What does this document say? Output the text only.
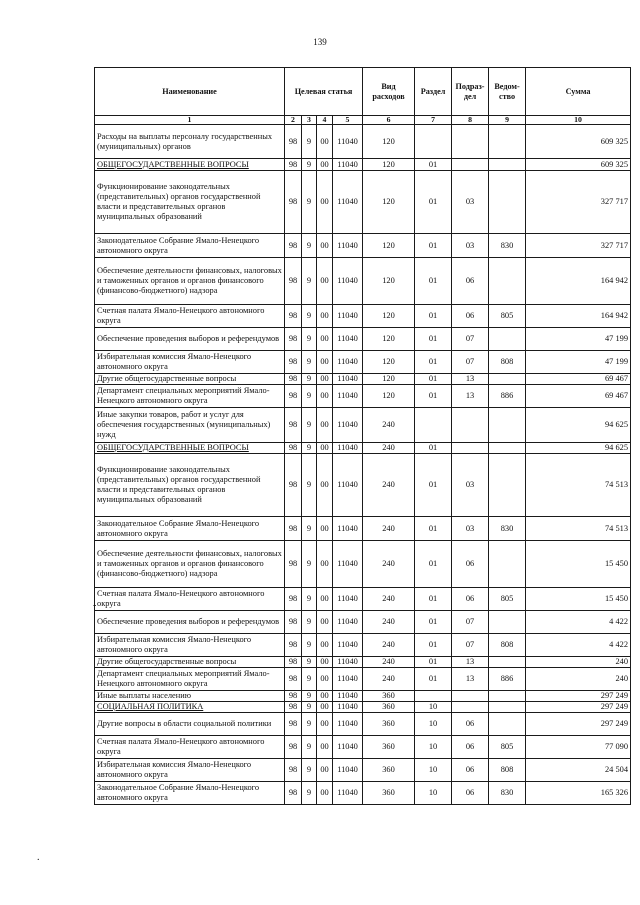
139
Наименование	Целевая статья				Вид расходов	Раздел	Подраз-дел	Ведом-ство	Сумма
1	2	3	4	5	6	7	8	9	10
Расходы на выплаты персоналу государственных (муниципальных) органов	98	9	00	11040	120				609 325
ОБЩЕГОСУДАРСТВЕННЫЕ ВОПРОСЫ	98	9	00	11040	120	01			609 325
Функционирование законодательных (представительных) органов государственной власти и представительных органов муниципальных образований	98	9	00	11040	120	01	03		327 717
Законодательное Собрание Ямало-Ненецкого автономного округа	98	9	00	11040	120	01	03	830	327 717
Обеспечение деятельности финансовых, налоговых и таможенных органов и органов финансового (финансово-бюджетного) надзора	98	9	00	11040	120	01	06		164 942
Счетная палата Ямало-Ненецкого автономного округа	98	9	00	11040	120	01	06	805	164 942
Обеспечение проведения выборов и референдумов	98	9	00	11040	120	01	07		47 199
Избирательная комиссия Ямало-Ненецкого автономного округа	98	9	00	11040	120	01	07	808	47 199
Другие общегосударственные вопросы	98	9	00	11040	120	01	13		69 467
Департамент специальных мероприятий Ямало-Ненецкого автономного округа	98	9	00	11040	120	01	13	886	69 467
Иные закупки товаров, работ и услуг для обеспечения государственных (муниципальных) нужд	98	9	00	11040	240				94 625
ОБЩЕГОСУДАРСТВЕННЫЕ ВОПРОСЫ	98	9	00	11040	240	01			94 625
Функционирование законодательных (представительных) органов государственной власти и представительных органов муниципальных образований	98	9	00	11040	240	01	03		74 513
Законодательное Собрание Ямало-Ненецкого автономного округа	98	9	00	11040	240	01	03	830	74 513
Обеспечение деятельности финансовых, налоговых и таможенных органов и органов финансового (финансово-бюджетного) надзора	98	9	00	11040	240	01	06		15 450
Счетная палата Ямало-Ненецкого автономного округа	98	9	00	11040	240	01	06	805	15 450
Обеспечение проведения выборов и референдумов	98	9	00	11040	240	01	07		4 422
Избирательная комиссия Ямало-Ненецкого автономного округа	98	9	00	11040	240	01	07	808	4 422
Другие общегосударственные вопросы	98	9	00	11040	240	01	13		240
Департамент специальных мероприятий Ямало-Ненецкого автономного округа	98	9	00	11040	240	01	13	886	240
Иные выплаты населению	98	9	00	11040	360				297 249
СОЦИАЛЬНАЯ ПОЛИТИКА	98	9	00	11040	360	10			297 249
Другие вопросы в области социальной политики	98	9	00	11040	360	10	06		297 249
Счетная палата Ямало-Ненецкого автономного округа	98	9	00	11040	360	10	06	805	77 090
Избирательная комиссия Ямало-Ненецкого автономного округа	98	9	00	11040	360	10	06	808	24 504
Законодательное Собрание Ямало-Ненецкого автономного округа	98	9	00	11040	360	10	06	830	165 326
-
.
